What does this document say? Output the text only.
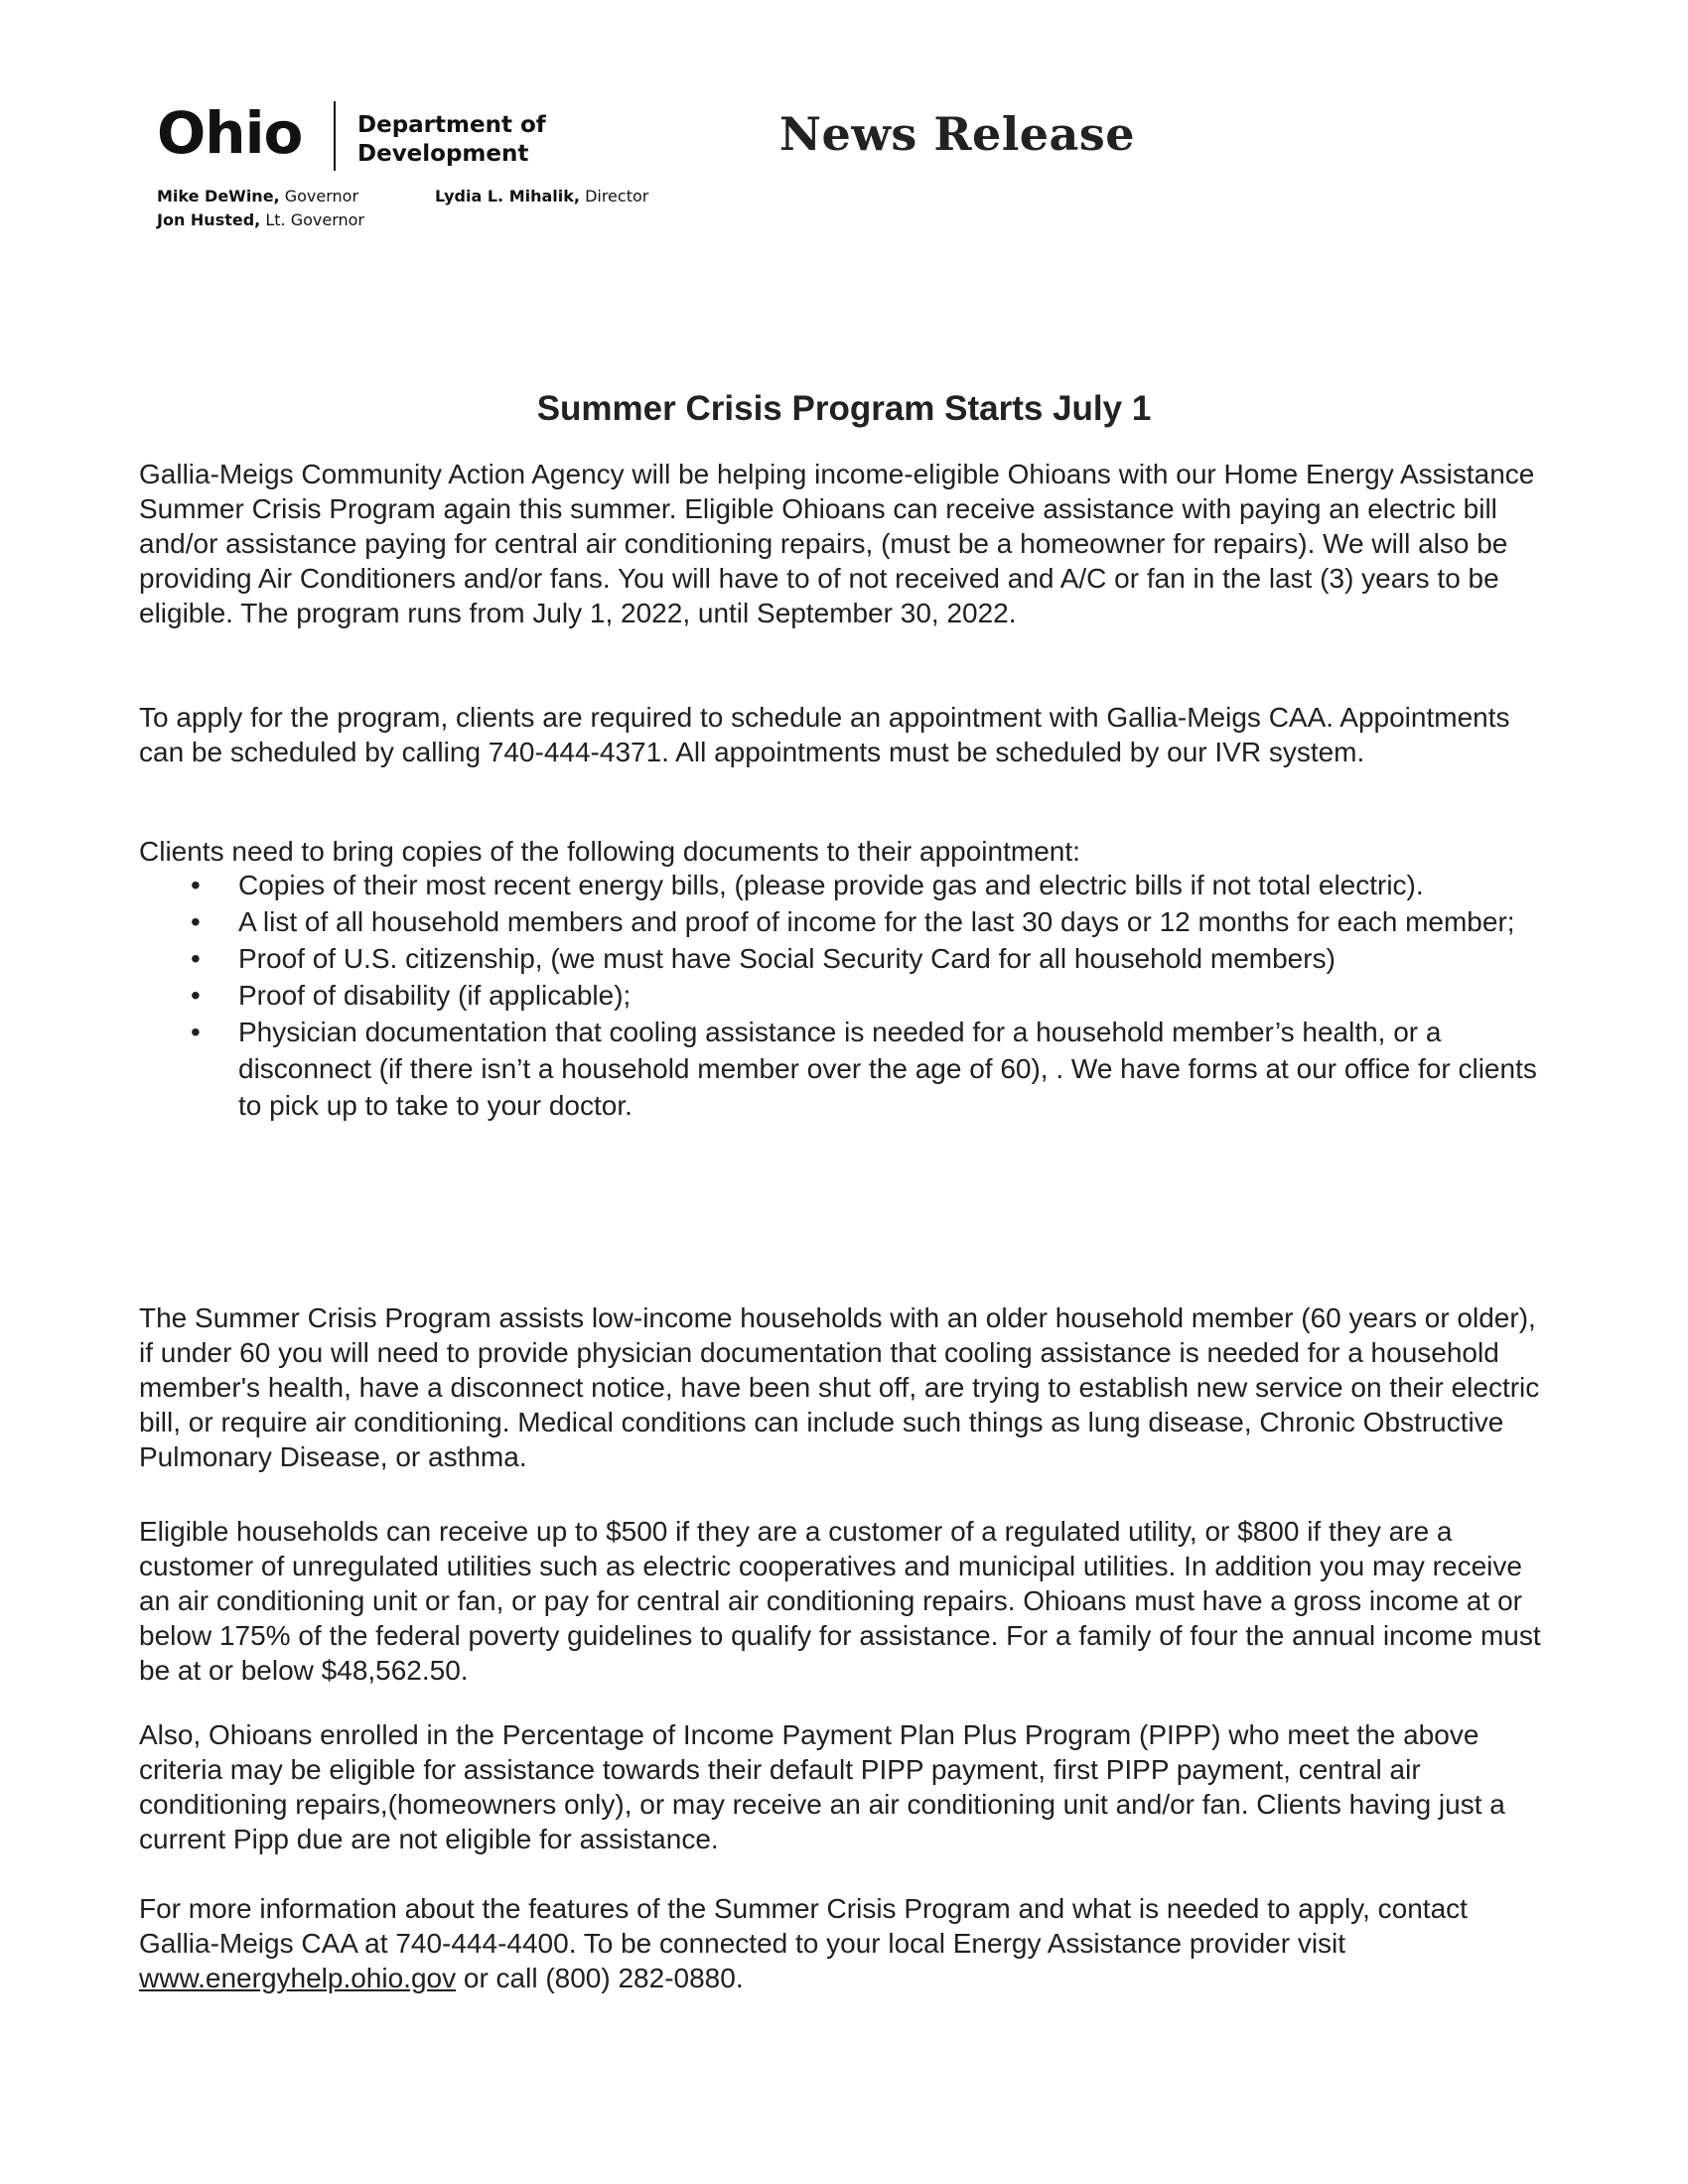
Ohio Department of
Development
Mike DeWine, Governor
Jon Husted, Lt. Governor
Lydia L. Mihalik, Director
News Release
Summer Crisis Program Starts July 1

Gallia-Meigs Community Action Agency will be helping income-eligible Ohioans with our Home Energy Assistance Summer Crisis Program again this summer. Eligible Ohioans can receive assistance with paying an electric bill and/or assistance paying for central air conditioning repairs, (must be a homeowner for repairs). We will also be providing Air Conditioners and/or fans. You will have to of not received and A/C or fan in the last (3) years to be eligible. The program runs from July 1, 2022, until September 30, 2022.

To apply for the program, clients are required to schedule an appointment with Gallia-Meigs CAA. Appointments can be scheduled by calling 740-444-4371. All appointments must be scheduled by our IVR system.

Clients need to bring copies of the following documents to their appointment:

• Copies of their most recent energy bills, (please provide gas and electric bills if not total electric).
• A list of all household members and proof of income for the last 30 days or 12 months for each member;
• Proof of U.S. citizenship, (we must have Social Security Card for all household members)
• Proof of disability (if applicable);
• Physician documentation that cooling assistance is needed for a household member’s health, or a disconnect (if there isn’t a household member over the age of 60), . We have forms at our office for clients to pick up to take to your doctor.

The Summer Crisis Program assists low-income households with an older household member (60 years or older), if under 60 you will need to provide physician documentation that cooling assistance is needed for a household member's health, have a disconnect notice, have been shut off, are trying to establish new service on their electric bill, or require air conditioning. Medical conditions can include such things as lung disease, Chronic Obstructive Pulmonary Disease, or asthma.

Eligible households can receive up to $500 if they are a customer of a regulated utility, or $800 if they are a customer of unregulated utilities such as electric cooperatives and municipal utilities. In addition you may receive an air conditioning unit or fan, or pay for central air conditioning repairs. Ohioans must have a gross income at or below 175% of the federal poverty guidelines to qualify for assistance. For a family of four the annual income must be at or below $48,562.50.

Also, Ohioans enrolled in the Percentage of Income Payment Plan Plus Program (PIPP) who meet the above criteria may be eligible for assistance towards their default PIPP payment, first PIPP payment, central air conditioning repairs,(homeowners only), or may receive an air conditioning unit and/or fan. Clients having just a current Pipp due are not eligible for assistance.

For more information about the features of the Summer Crisis Program and what is needed to apply, contact Gallia-Meigs CAA at 740-444-4400. To be connected to your local Energy Assistance provider visit www.energyhelp.ohio.gov or call (800) 282-0880.
